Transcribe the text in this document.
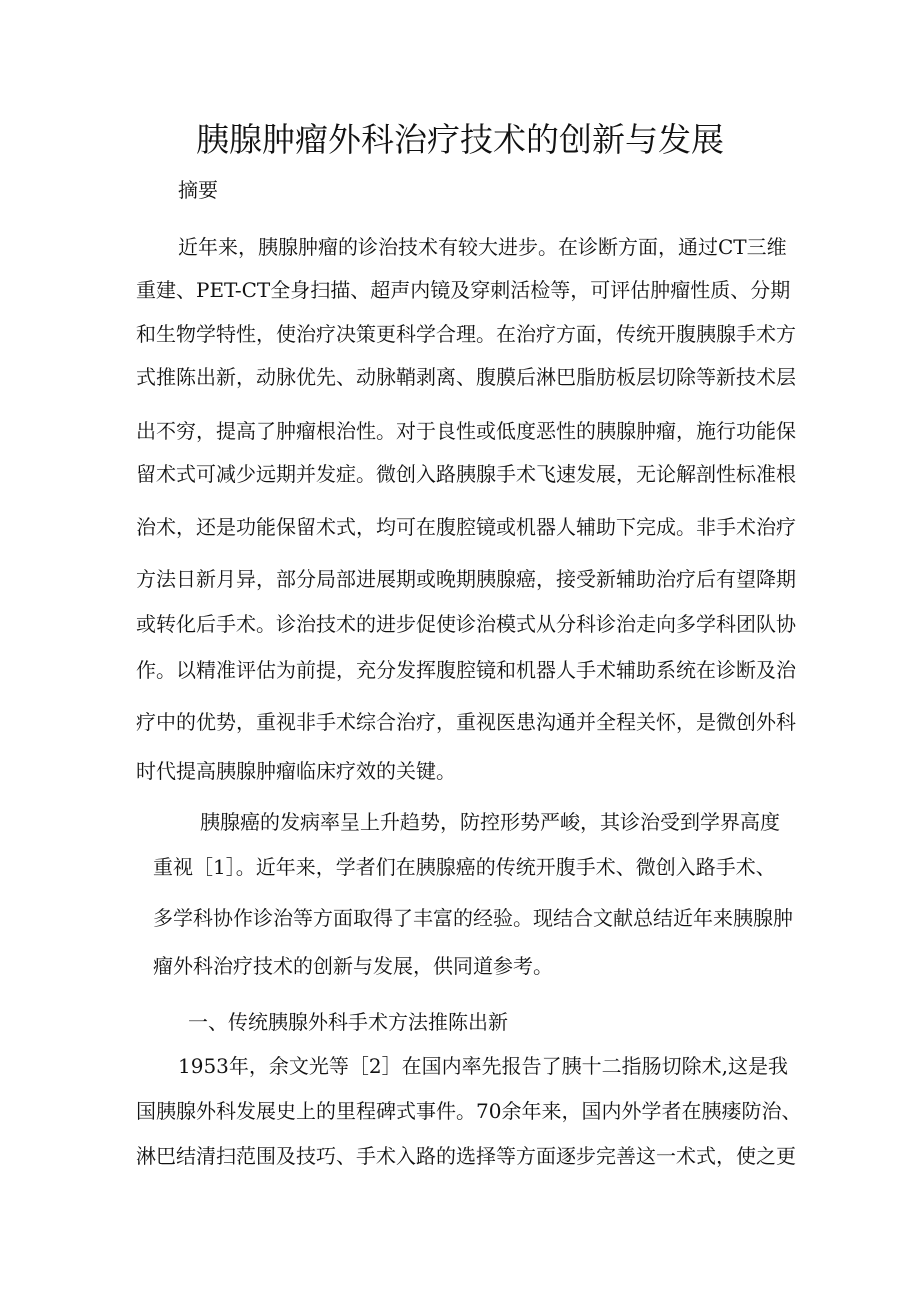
胰腺肿瘤外科治疗技术的创新与发展

摘要

近年来，胰腺肿瘤的诊治技术有较大进步。在诊断方面，通过CT三维

重建、PET-CT全身扫描、超声内镜及穿刺活检等，可评估肿瘤性质、分期

和生物学特性，使治疗决策更科学合理。在治疗方面，传统开腹胰腺手术方

式推陈出新，动脉优先、动脉鞘剥离、腹膜后淋巴脂肪板层切除等新技术层

出不穷，提高了肿瘤根治性。对于良性或低度恶性的胰腺肿瘤，施行功能保

留术式可减少远期并发症。微创入路胰腺手术飞速发展，无论解剖性标准根

治术，还是功能保留术式，均可在腹腔镜或机器人辅助下完成。非手术治疗

方法日新月异，部分局部进展期或晚期胰腺癌，接受新辅助治疗后有望降期

或转化后手术。诊治技术的进步促使诊治模式从分科诊治走向多学科团队协

作。以精准评估为前提，充分发挥腹腔镜和机器人手术辅助系统在诊断及治

疗中的优势，重视非手术综合治疗，重视医患沟通并全程关怀，是微创外科

时代提高胰腺肿瘤临床疗效的关键。

胰腺癌的发病率呈上升趋势，防控形势严峻，其诊治受到学界高度

重视［1］。近年来，学者们在胰腺癌的传统开腹手术、微创入路手术、

多学科协作诊治等方面取得了丰富的经验。现结合文献总结近年来胰腺肿

瘤外科治疗技术的创新与发展，供同道参考。

一、传统胰腺外科手术方法推陈出新

1953年，余文光等［2］在国内率先报告了胰十二指肠切除术,这是我

国胰腺外科发展史上的里程碑式事件。70余年来，国内外学者在胰瘘防治、

淋巴结清扫范围及技巧、手术入路的选择等方面逐步完善这一术式，使之更
